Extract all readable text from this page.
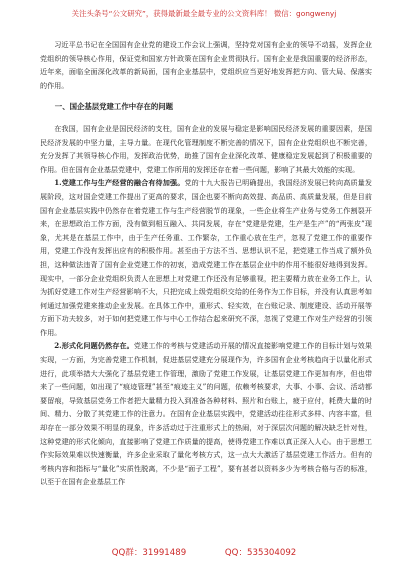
关注头条号“公文研究”，获得最新最全最专业的公文资料库！ 微信：gongwenyj

习近平总书记在全国国有企业党的建设工作会议上强调，坚持党对国有企业的领导不动摇，发挥企业党组织的领导核心作用，保证党和国家方针政策在国有企业贯彻执行。国有企业是我国重要的经济形态，近年来，面临全面深化改革的新局面，国有企业基层中，党组织应当更好地发挥把方向、管大局、保落实的作用。

一、国企基层党建工作中存在的问题

在我国，国有企业是国民经济的支柱，国有企业的发展与稳定是影响国民经济发展的重要因素，是国民经济发展的中坚力量，主导力量。在现代化管理制度不断完善的情况下，国有企业党组织也不断完善，充分发挥了其领导核心作用，发挥政治优势，助推了国有企业深化改革、健康稳定发展起到了积极重要的作用。但在国有企业基层党建中，党建工作所用的发挥还存在着一些问题，影响了其最大效能的实现。

1.党建工作与生产经营的融合有待加强。党的十九大报告已明确提出，我国经济发展已转向高质量发展阶段，这对国企党建工作提出了更高的要求，国企也要不断向高效提、高品质、高质量发展，但是目前国有企业基层实践中仍然存在着党建工作与生产经营脱节的现象，一些企业将生产业务与党务工作割裂开来，在思想政治工作方面，没有做到相互融入、共同发展，存在“党建是党建，生产是生产”的“两张皮”现象，尤其是在基层工作中，由于生产任务重、工作繁杂，工作重心放在生产，忽视了党建工作的重要作用，党建工作没有发挥出应有的积极作用。甚至由于方法不当、思想认识不足，把党建工作当成了额外负担，这种做法违背了国有企业党建工作的初衷，造成党建工作在基层企业中的作用不能很好地得到发挥。现实中，一部分企业党组织负责人在思想上对党建工作还没有足够重视，把主要精力放在业务工作上，认为抓好党建工作对生产经营影响不大，只把完成上级党组织交给的任务作为工作目标，并没有认真思考如何通过加强党建来推动企业发展。在具体工作中，重形式、轻实效，在台账记录、制度建设、活动开展等方面下功夫较多，对于如何把党建工作与中心工作结合起来研究不深，忽视了党建工作对生产经营的引领作用。

2.形式化问题仍然存在。党建工作的考核与党建活动开展的情况直接影响党建工作的目标计划与效果实现，一方面，为完善党建工作机制，促进基层党建充分展现作为，许多国有企业考核趋向于以量化形式进行，此项举措大大强化了基层党建工作管理，激励了党建工作发展，让基层党建工作更加有序，但也带来了一些问题，如出现了“痕迹管理”甚至“痕迹主义”的问题，依赖考核要求，大事、小事、会议、活动都要留痕，导致基层党务工作者把大量精力投入到准备各种材料、照片和台账上，疲于应付，耗费大量的时间、精力、分散了其党建工作的注意力。在国有企业基层实践中，党建活动往往形式多样、内容丰富，但却存在一部分效果不明显的现象，许多活动过于注重形式上的热闹，对于深层次问题的解决缺乏针对性，这种党建的形式化倾向，直接影响了党建工作质量的提高，使得党建工作难以真正深入人心。由于思想工作实际效果难以快速衡量，许多企业采取了量化考核方式，这一点大大激活了基层党建工作活力。但有的考核内容和指标与“量化”实质性脱离，不少是“面子工程”，要有甚者以资料多少为考核合格与否的标准，以至于在国有企业基层工作

QQ群：31991489	QQ：535304092
